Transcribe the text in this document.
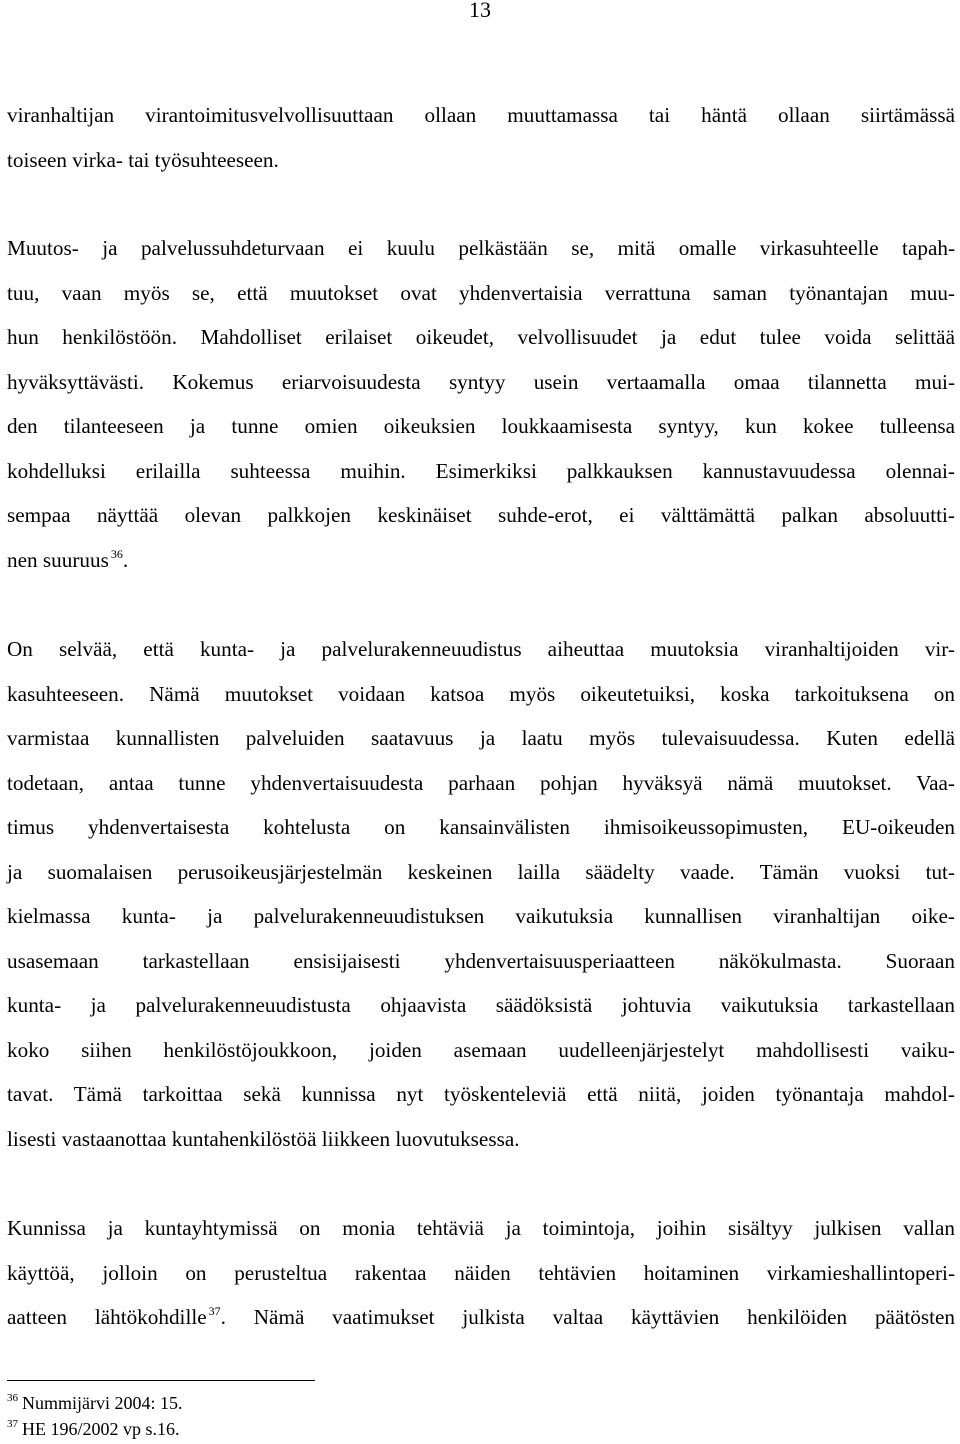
13
viranhaltijan virantoimitusvelvollisuuttaan ollaan muuttamassa tai häntä ollaan siirtämässä
toiseen virka- tai työsuhteeseen.
Muutos- ja palvelussuhdeturvaan ei kuulu pelkästään se, mitä omalle virkasuhteelle tapah-
tuu, vaan myös se, että muutokset ovat yhdenvertaisia verrattuna saman työnantajan muu-
hun henkilöstöön. Mahdolliset erilaiset oikeudet, velvollisuudet ja edut tulee voida selittää
hyväksyttävästi. Kokemus eriarvoisuudesta syntyy usein vertaamalla omaa tilannetta mui-
den tilanteeseen ja tunne omien oikeuksien loukkaamisesta syntyy, kun kokee tulleensa
kohdelluksi erilailla suhteessa muihin. Esimerkiksi palkkauksen kannustavuudessa olennai-
sempaa näyttää olevan palkkojen keskinäiset suhde-erot, ei välttämättä palkan absoluutti-
nen suuruus $^{36}$.
On selvää, että kunta- ja palvelurakenneuudistus aiheuttaa muutoksia viranhaltijoiden vir-
kasuhteeseen. Nämä muutokset voidaan katsoa myös oikeutetuiksi, koska tarkoituksena on
varmistaa kunnallisten palveluiden saatavuus ja laatu myös tulevaisuudessa. Kuten edellä
todetaan, antaa tunne yhdenvertaisuudesta parhaan pohjan hyväksyä nämä muutokset. Vaa-
timus yhdenvertaisesta kohtelusta on kansainvälisten ihmisoikeussopimusten, EU-oikeuden
ja suomalaisen perusoikeusjärjestelmän keskeinen lailla säädelty vaade. Tämän vuoksi tut-
kielmassa kunta- ja palvelurakenneuudistuksen vaikutuksia kunnallisen viranhaltijan oike-
usasemaan tarkastellaan ensisijaisesti yhdenvertaisuusperiaatteen näkökulmasta. Suoraan
kunta- ja palvelurakenneuudistusta ohjaavista säädöksistä johtuvia vaikutuksia tarkastellaan
koko siihen henkilöstöjoukkoon, joiden asemaan uudelleenjärjestelyt mahdollisesti vaiku-
tavat. Tämä tarkoittaa sekä kunnissa nyt työskenteleviä että niitä, joiden työnantaja mahdol-
lisesti vastaanottaa kuntahenkilöstöä liikkeen luovutuksessa.
Kunnissa ja kuntayhtymissä on monia tehtäviä ja toimintoja, joihin sisältyy julkisen vallan
käyttöä, jolloin on perusteltua rakentaa näiden tehtävien hoitaminen virkamieshallintoperi-
aatteen lähtökohdille $^{37}$. Nämä vaatimukset julkista valtaa käyttävien henkilöiden päätösten
$^{36}$ Nummijärvi 2004: 15.
$^{37}$ HE 196/2002 vp s.16.
